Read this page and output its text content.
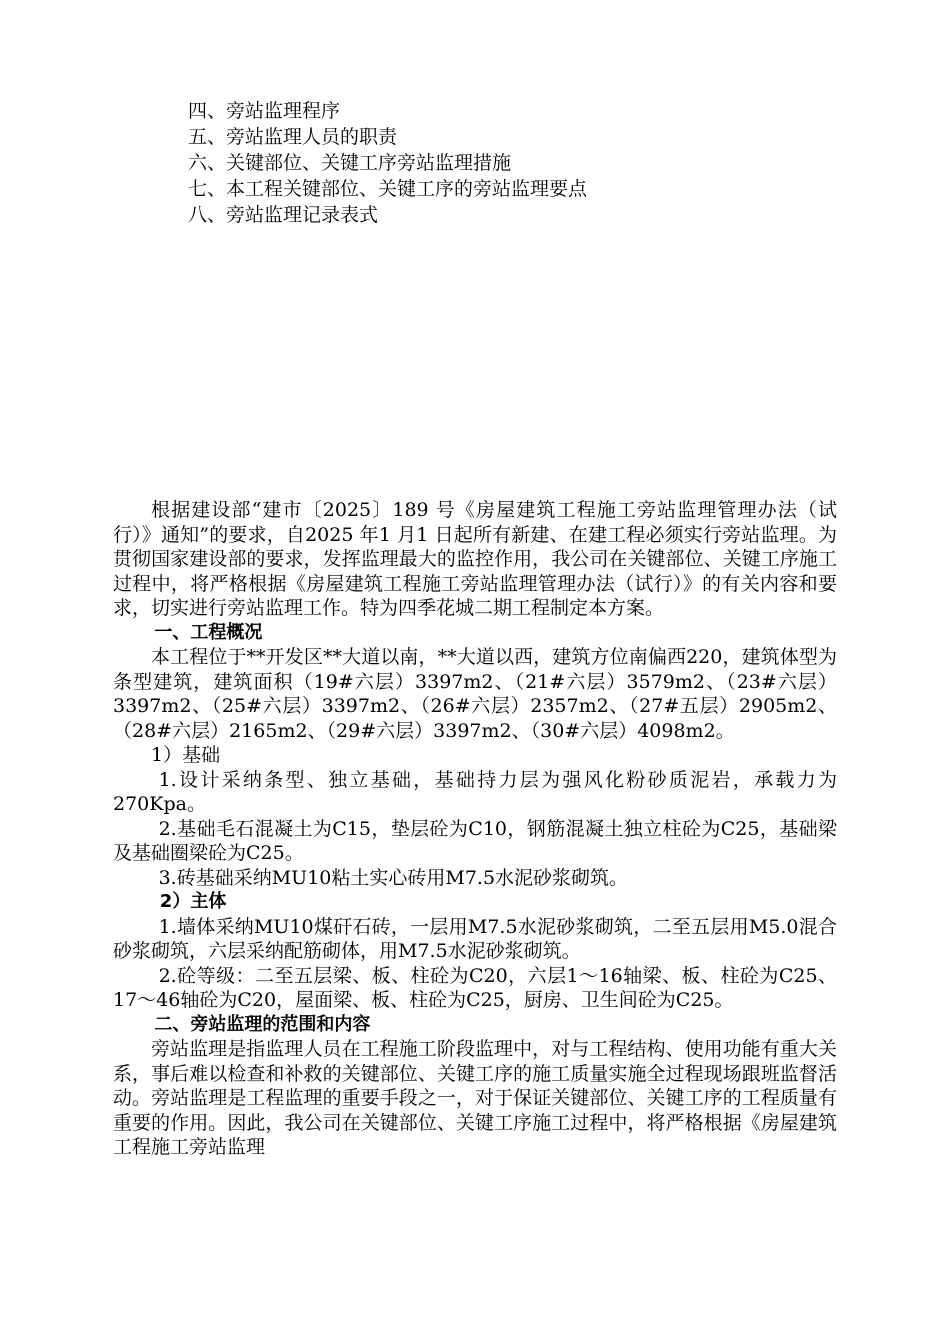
四、旁站监理程序
五、旁站监理人员的职责
六、关键部位、关键工序旁站监理措施
七、本工程关键部位、关键工序的旁站监理要点
八、旁站监理记录表式

根据建设部“建市〔2025〕189 号《房屋建筑工程施工旁站监理管理办法（试行）》通知”的要求，自2025 年1 月1 日起所有新建、在建工程必须实行旁站监理。为贯彻国家建设部的要求，发挥监理最大的监控作用，我公司在关键部位、关键工序施工过程中，将严格根据《房屋建筑工程施工旁站监理管理办法（试行）》的有关内容和要求，切实进行旁站监理工作。特为四季花城二期工程制定本方案。

一、工程概况

本工程位于**开发区**大道以南，**大道以西，建筑方位南偏西220，建筑体型为条型建筑，建筑面积（19#六层）3397m2、（21#六层）3579m2、（23#六层）3397m2、（25#六层）3397m2、（26#六层）2357m2、（27#五层）2905m2、（28#六层）2165m2、（29#六层）3397m2、（30#六层）4098m2。

1）基础

1.设计采纳条型、独立基础，基础持力层为强风化粉砂质泥岩，承载力为270Kpa。

2.基础毛石混凝土为C15，垫层砼为C10，钢筋混凝土独立柱砼为C25，基础梁及基础圈梁砼为C25。

3.砖基础采纳MU10粘土实心砖用M7.5水泥砂浆砌筑。

2）主体

1.墙体采纳MU10煤矸石砖，一层用M7.5水泥砂浆砌筑，二至五层用M5.0混合砂浆砌筑，六层采纳配筋砌体，用M7.5水泥砂浆砌筑。

2.砼等级：二至五层梁、板、柱砼为C20，六层1～16轴梁、板、柱砼为C25、17～46轴砼为C20，屋面梁、板、柱砼为C25，厨房、卫生间砼为C25。

二、旁站监理的范围和内容

旁站监理是指监理人员在工程施工阶段监理中，对与工程结构、使用功能有重大关系，事后难以检查和补救的关键部位、关键工序的施工质量实施全过程现场跟班监督活动。旁站监理是工程监理的重要手段之一，对于保证关键部位、关键工序的工程质量有重要的作用。因此，我公司在关键部位、关键工序施工过程中，将严格根据《房屋建筑工程施工旁站监理
